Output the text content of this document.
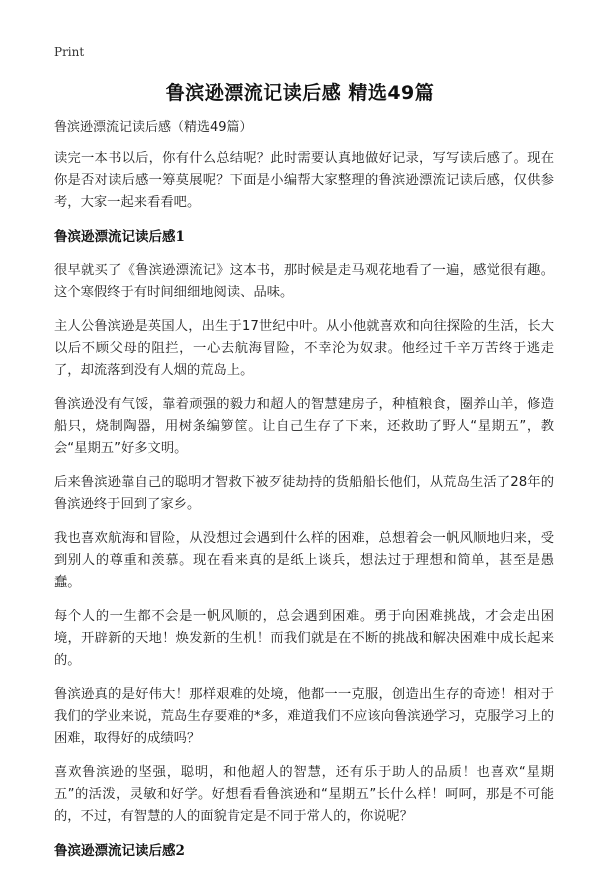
Print
鲁滨逊漂流记读后感 精选49篇
鲁滨逊漂流记读后感（精选49篇）

读完一本书以后，你有什么总结呢？此时需要认真地做好记录，写写读后感了。现在你是否对读后感一筹莫展呢？下面是小编帮大家整理的鲁滨逊漂流记读后感，仅供参考，大家一起来看看吧。

鲁滨逊漂流记读后感1

很早就买了《鲁滨逊漂流记》这本书，那时候是走马观花地看了一遍，感觉很有趣。这个寒假终于有时间细细地阅读、品味。

主人公鲁滨逊是英国人，出生于17世纪中叶。从小他就喜欢和向往探险的生活，长大以后不顾父母的阻拦，一心去航海冒险，不幸沦为奴隶。他经过千辛万苦终于逃走了，却流落到没有人烟的荒岛上。

鲁滨逊没有气馁，靠着顽强的毅力和超人的智慧建房子，种植粮食，圈养山羊，修造船只，烧制陶器，用树条编箩筐。让自己生存了下来，还救助了野人“星期五”，教会“星期五”好多文明。

后来鲁滨逊靠自己的聪明才智救下被歹徒劫持的货船船长他们，从荒岛生活了28年的鲁滨逊终于回到了家乡。

我也喜欢航海和冒险，从没想过会遇到什么样的困难，总想着会一帆风顺地归来，受到别人的尊重和羡慕。现在看来真的是纸上谈兵，想法过于理想和简单，甚至是愚蠢。

每个人的一生都不会是一帆风顺的，总会遇到困难。勇于向困难挑战，才会走出困境，开辟新的天地！焕发新的生机！而我们就是在不断的挑战和解决困难中成长起来的。

鲁滨逊真的是好伟大！那样艰难的处境，他都一一克服，创造出生存的奇迹！相对于我们的学业来说，荒岛生存要难的*多，难道我们不应该向鲁滨逊学习，克服学习上的困难，取得好的成绩吗？

喜欢鲁滨逊的坚强，聪明，和他超人的智慧，还有乐于助人的品质！也喜欢“星期五”的活泼，灵敏和好学。好想看看鲁滨逊和“星期五”长什么样！呵呵，那是不可能的，不过，有智慧的人的面貌肯定是不同于常人的，你说呢？

鲁滨逊漂流记读后感2
